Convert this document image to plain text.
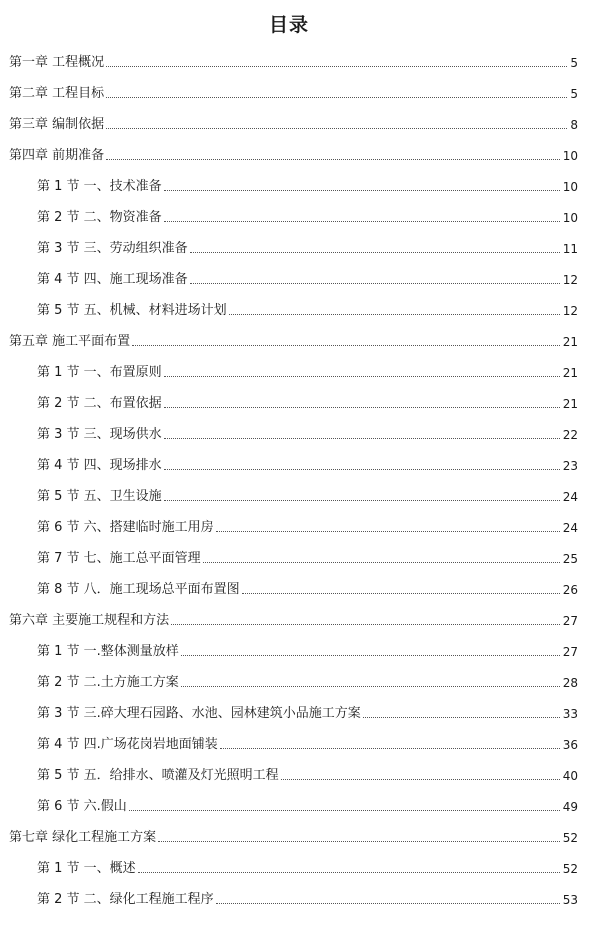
目录
第一章 工程概况	5
第二章 工程目标	5
第三章 编制依据	8
第四章 前期准备	10
第 1 节 一、技术准备	10
第 2 节 二、物资准备	10
第 3 节 三、劳动组织准备	11
第 4 节 四、施工现场准备	12
第 5 节 五、机械、材料进场计划	12
第五章 施工平面布置	21
第 1 节 一、布置原则	21
第 2 节 二、布置依据	21
第 3 节 三、现场供水	22
第 4 节 四、现场排水	23
第 5 节 五、卫生设施	24
第 6 节 六、搭建临时施工用房	24
第 7 节 七、施工总平面管理	25
第 8 节 八．施工现场总平面布置图	26
第六章 主要施工规程和方法	27
第 1 节 一.整体测量放样	27
第 2 节 二.土方施工方案	28
第 3 节 三.碎大理石园路、水池、园林建筑小品施工方案	33
第 4 节 四.广场花岗岩地面铺装	36
第 5 节 五．给排水、喷灌及灯光照明工程	40
第 6 节 六.假山	49
第七章 绿化工程施工方案	52
第 1 节 一、概述	52
第 2 节 二、绿化工程施工程序	53
